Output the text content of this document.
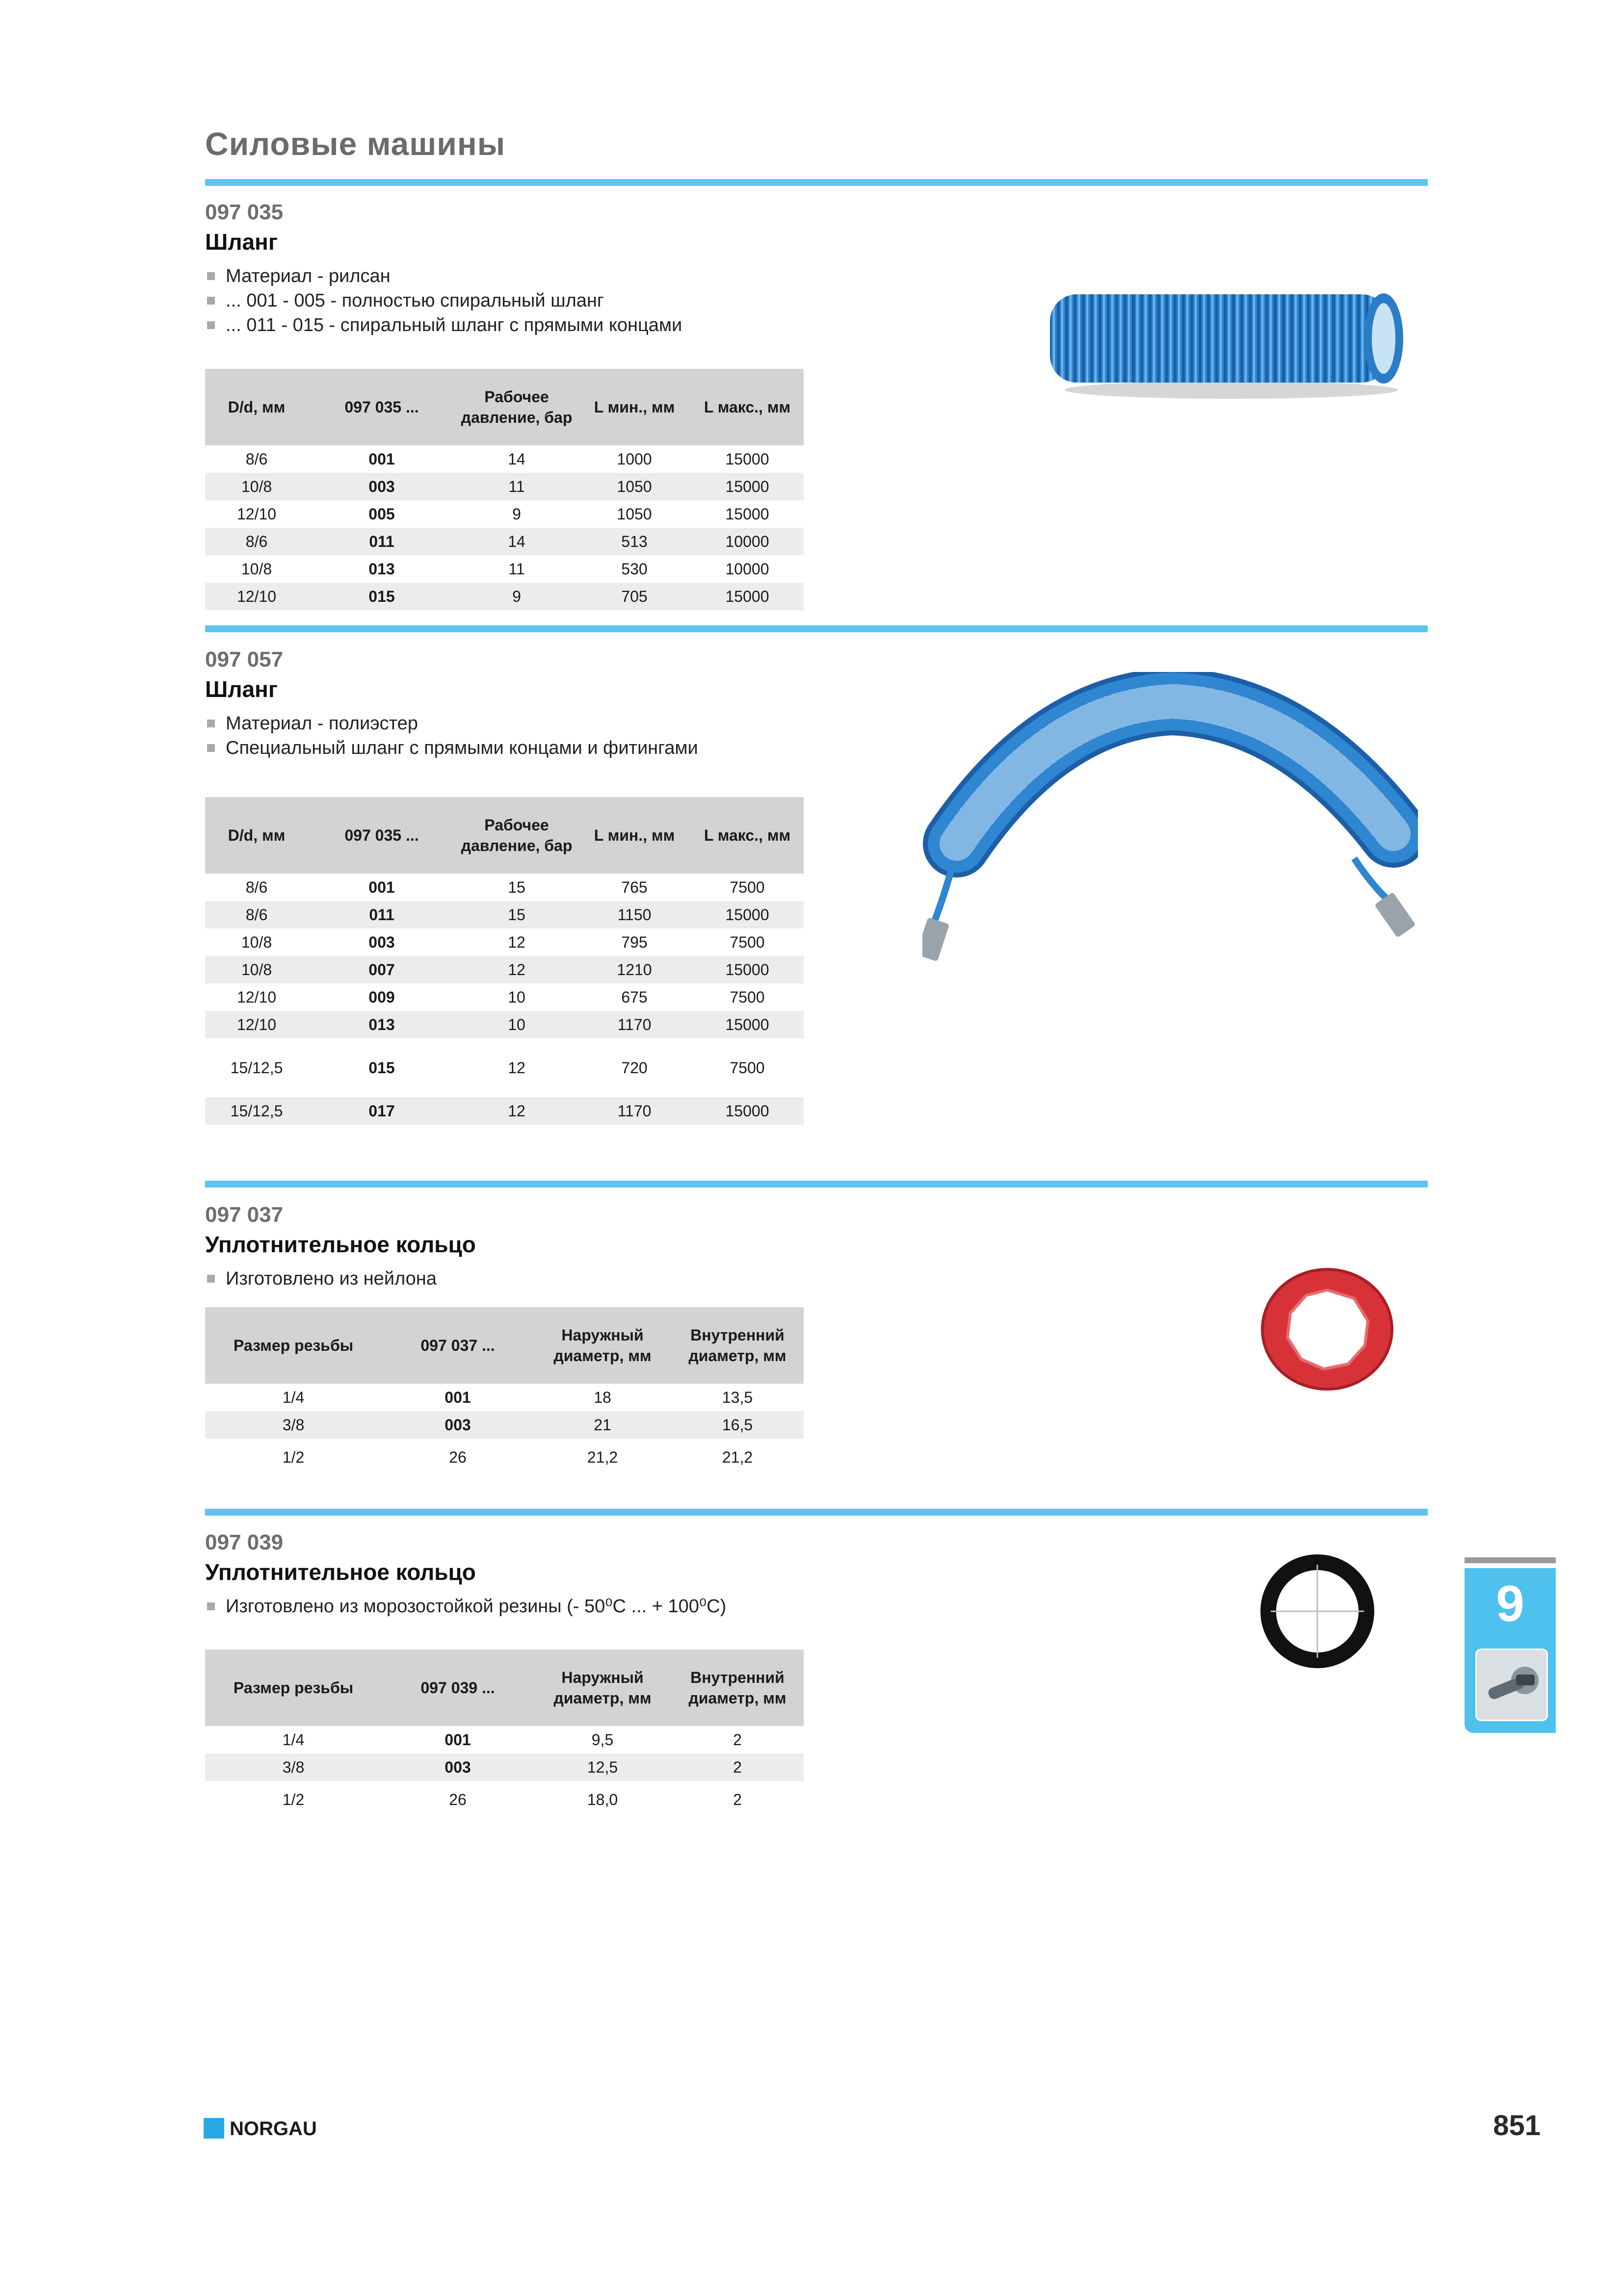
Силовые машины

097 035

Шланг

Материал - рилсан
... 001 - 005 - полностью спиральный шланг
... 011 - 015 - спиральный шланг с прямыми концами
D/d, мм	097 035 ...	Рабочее давление, бар	L мин., мм	L макс., мм
8/6	001	14	1000	15000
10/8	003	11	1050	15000
12/10	005	9	1050	15000
8/6	011	14	513	10000
10/8	013	11	530	10000
12/10	015	9	705	15000

097 057

Шланг

Материал - полиэстер
Специальный шланг с прямыми концами и фитингами
D/d, мм	097 035 ...	Рабочее давление, бар	L мин., мм	L макс., мм
8/6	001	15	765	7500
8/6	011	15	1150	15000
10/8	003	12	795	7500
10/8	007	12	1210	15000
12/10	009	10	675	7500
12/10	013	10	1170	15000
15/12,5	015	12	720	7500
15/12,5	017	12	1170	15000

097 037

Уплотнительное кольцо

Изготовлено из нейлона
Размер резьбы	097 037 ...	Наружный диаметр, мм	Внутренний диаметр, мм
1/4	001	18	13,5
3/8	003	21	16,5
1/2	26	21,2	21,2

097 039

Уплотнительное кольцо

Изготовлено из морозостойкой резины (- 50⁰С ... + 100⁰С)
Размер резьбы	097 039 ...	Наружный диаметр, мм	Внутренний диаметр, мм
1/4	001	9,5	2
3/8	003	12,5	2
1/2	26	18,0	2
9
NORGAU	851
